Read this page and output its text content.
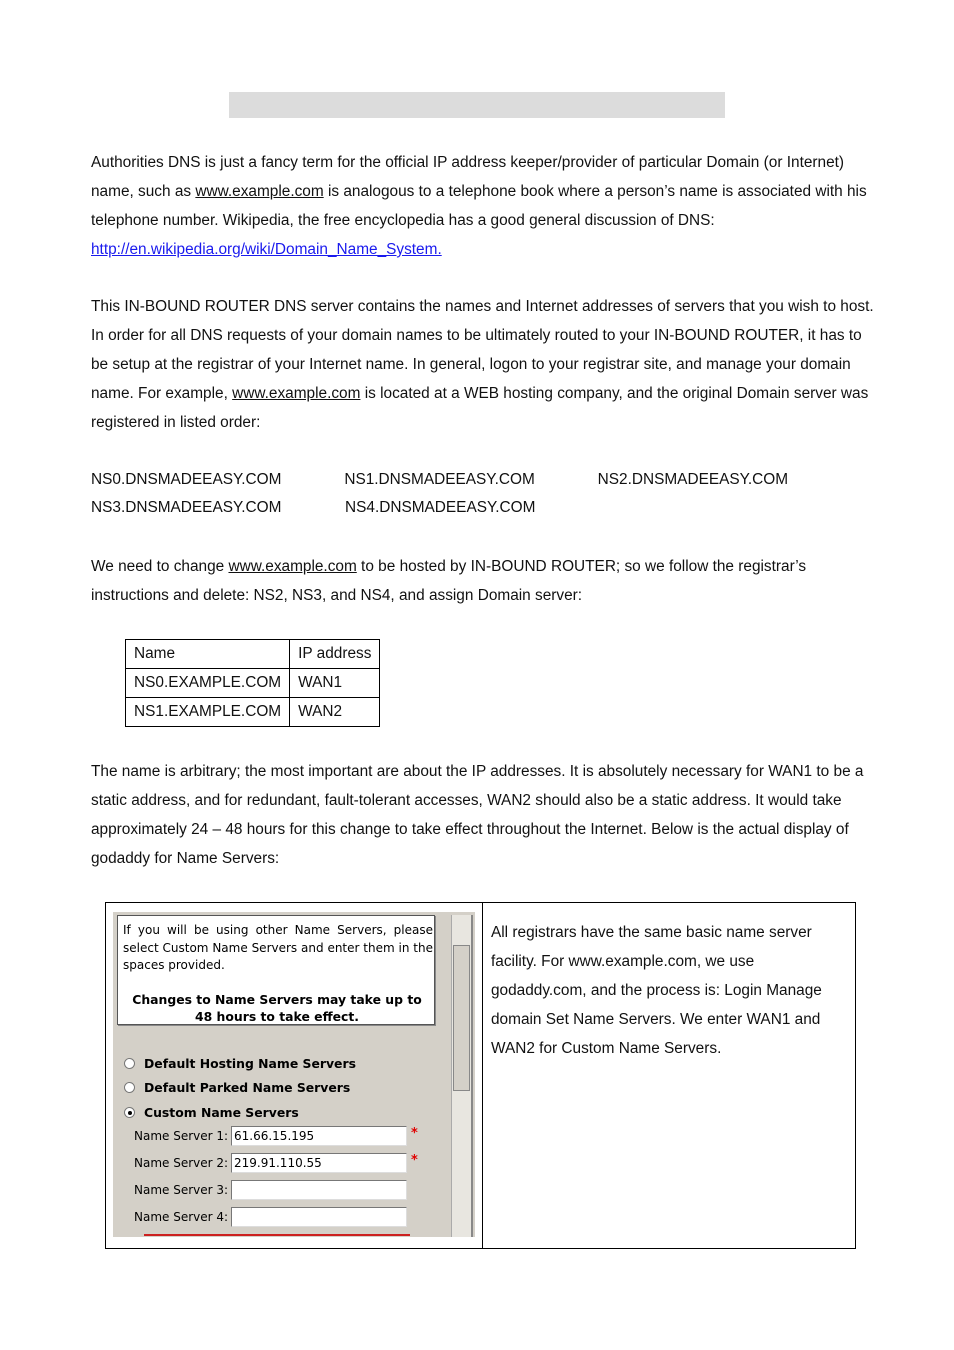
Authorities DNS is just a fancy term for the official IP address keeper/provider of particular Domain (or Internet) name, such as www.example.com is analogous to a telephone book where a person’s name is associated with his telephone number. Wikipedia, the free encyclopedia has a good general discussion of DNS: http://en.wikipedia.org/wiki/Domain_Name_System.

This IN-BOUND ROUTER DNS server contains the names and Internet addresses of servers that you wish to host. In order for all DNS requests of your domain names to be ultimately routed to your IN-BOUND ROUTER, it has to be setup at the registrar of your Internet name. In general, logon to your registrar site, and manage your domain name. For example, www.example.com is located at a WEB hosting company, and the original Domain server was registered in listed order:

NS0.DNSMADEEASY.COM	NS1.DNSMADEEASY.COM	NS2.DNSMADEEASY.COM
NS3.DNSMADEEASY.COM	NS4.DNSMADEEASY.COM

We need to change www.example.com to be hosted by IN-BOUND ROUTER; so we follow the registrar’s instructions and delete: NS2, NS3, and NS4, and assign Domain server:

Name	IP address
NS0.EXAMPLE.COM	WAN1
NS1.EXAMPLE.COM	WAN2

The name is arbitrary; the most important are about the IP addresses. It is absolutely necessary for WAN1 to be a static address, and for redundant, fault-tolerant accesses, WAN2 should also be a static address. It would take approximately 24 – 48 hours for this change to take effect throughout the Internet. Below is the actual display of godaddy for Name Servers:

If you will be using other Name Servers, please select Custom Name Servers and enter them in the spaces provided.

Changes to Name Servers may take up to 48 hours to take effect.

Default Hosting Name Servers
Default Parked Name Servers
Custom Name Servers
Name Server 1:
61.66.15.195	*
Name Server 2:
219.91.110.55	*
Name Server 3:
Name Server 4:

All registrars have the same basic name server facility. For www.example.com, we use godaddy.com, and the process is: Login Manage domain Set Name Servers. We enter WAN1 and WAN2 for Custom Name Servers.
